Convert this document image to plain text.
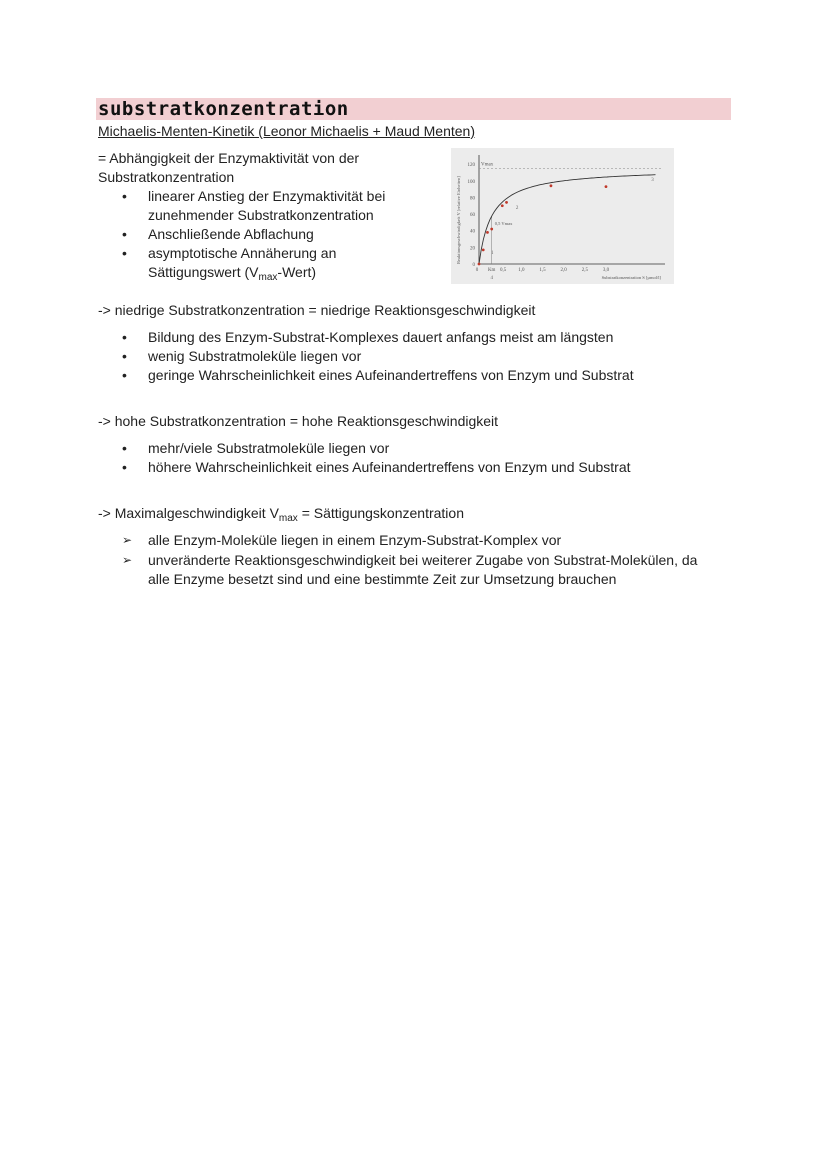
substratkonzentration
Michaelis-Menten-Kinetik (Leonor Michaelis + Maud Menten)
= Abhängigkeit der Enzymaktivität von der
Substratkonzentration
• linearer Anstieg der Enzymaktivität bei
zunehmender Substratkonzentration
• Anschließende Abflachung
• asymptotische Annäherung an
Sättigungswert $(V_{max}-Wert)$	0
20
40
60
80
100
120
0 Km 0,5 1,0	1,5	2,0	2,5	3,0
Substratkonzentration S [µmol/l]
Reaktionsgeschwindigkeit V [relative Einheiten]
Vmax
0,5 Vmax
1
2
3
4
-> niedrige Substratkonzentration = niedrige Reaktionsgeschwindigkeit
• Bildung des Enzym-Substrat-Komplexes dauert anfangs meist am längsten
• wenig Substratmoleküle liegen vor
• geringe Wahrscheinlichkeit eines Aufeinandertreffens von Enzym und Substrat
-> hohe Substratkonzentration = hohe Reaktionsgeschwindigkeit
• mehr/viele Substratmoleküle liegen vor
• höhere Wahrscheinlichkeit eines Aufeinandertreffens von Enzym und Substrat
-> Maximalgeschwindigkeit $V_{max}$ = Sättigungskonzentration
➢ alle Enzym-Moleküle liegen in einem Enzym-Substrat-Komplex vor
➢ unveränderte Reaktionsgeschwindigkeit bei weiterer Zugabe von Substrat-Molekülen, da
alle Enzyme besetzt sind und eine bestimmte Zeit zur Umsetzung brauchen
